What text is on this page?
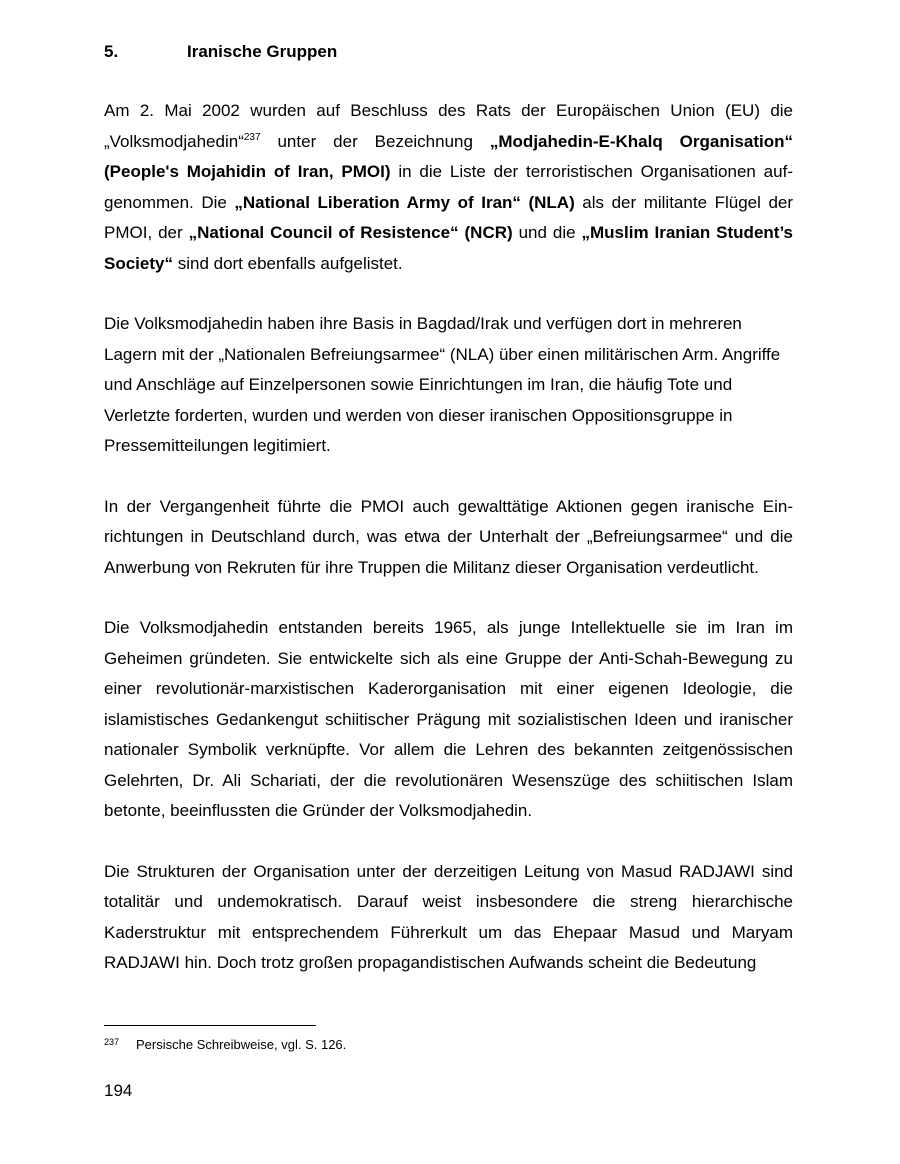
5.	Iranische Gruppen

Am 2. Mai 2002 wurden auf Beschluss des Rats der Europäischen Union (EU) die „Volksmodjahedin“$^{237}$ unter der Bezeichnung „Modjahedin-E-Khalq Organisation“ (People's Mojahidin of Iran, PMOI) in die Liste der terroristischen Organisationen aufgenommen. Die „National Liberation Army of Iran“ (NLA) als der militante Flügel der PMOI, der „National Council of Resistence“ (NCR) und die „Muslim Iranian Student’s Society“ sind dort ebenfalls aufgelistet.

Die Volksmodjahedin haben ihre Basis in Bagdad/Irak und verfügen dort in mehreren Lagern mit der „Nationalen Befreiungsarmee“ (NLA) über einen militärischen Arm. Angriffe und Anschläge auf Einzelpersonen sowie Einrichtungen im Iran, die häufig Tote und Verletzte forderten, wurden und werden von dieser iranischen Oppositionsgruppe in Pressemitteilungen legitimiert.

In der Vergangenheit führte die PMOI auch gewalttätige Aktionen gegen iranische Einrichtungen in Deutschland durch, was etwa der Unterhalt der „Befreiungsarmee“ und die Anwerbung von Rekruten für ihre Truppen die Militanz dieser Organisation verdeutlicht.

Die Volksmodjahedin entstanden bereits 1965, als junge Intellektuelle sie im Iran im Geheimen gründeten. Sie entwickelte sich als eine Gruppe der Anti-Schah-Bewegung zu einer revolutionär-marxistischen Kaderorganisation mit einer eigenen Ideologie, die islamistisches Gedankengut schiitischer Prägung mit sozialistischen Ideen und iranischer nationaler Symbolik verknüpfte. Vor allem die Lehren des bekannten zeitgenössischen Gelehrten, Dr. Ali Schariati, der die revolutionären Wesenszüge des schiitischen Islam betonte, beeinflussten die Gründer der Volksmodjahedin.

Die Strukturen der Organisation unter der derzeitigen Leitung von Masud RADJAWI sind totalitär und undemokratisch. Darauf weist insbesondere die streng hierarchische Kaderstruktur mit entsprechendem Führerkult um das Ehepaar Masud und Maryam RADJAWI hin. Doch trotz großen propagandistischen Aufwands scheint die Bedeutung

237 Persische Schreibweise, vgl. S. 126.
194
